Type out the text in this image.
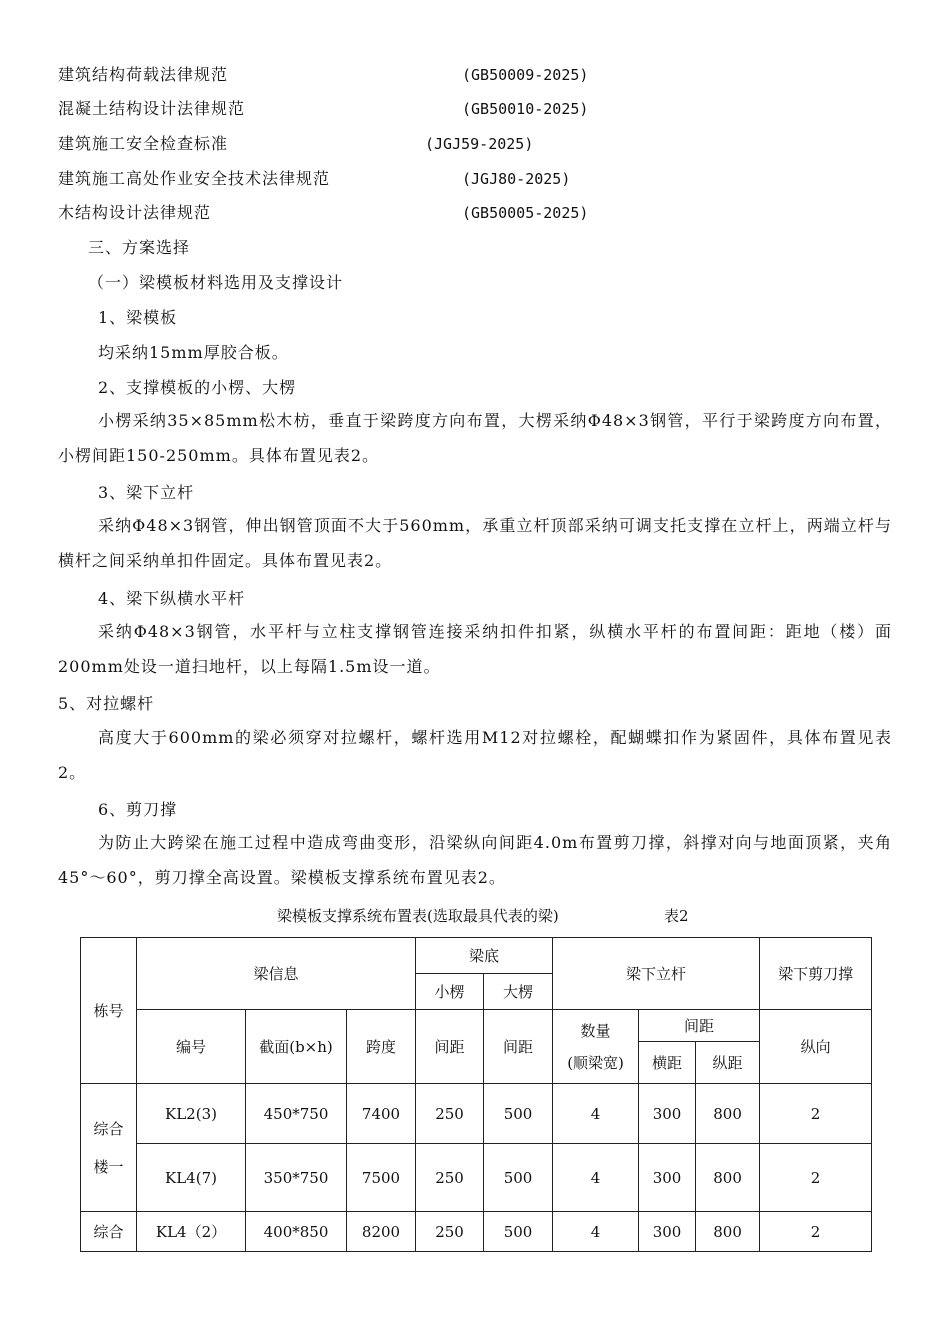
建筑结构荷载法律规范	(GB50009-2025)
混凝土结构设计法律规范	(GB50010-2025)
建筑施工安全检查标准	(JGJ59-2025)
建筑施工高处作业安全技术法律规范	(JGJ80-2025)
木结构设计法律规范	(GB50005-2025)
三、方案选择
（一）梁模板材料选用及支撑设计
1、梁模板
均采纳15mm厚胶合板。
2、支撑模板的小楞、大楞
小楞采纳35×85mm松木枋，垂直于梁跨度方向布置，大楞采纳Φ48×3钢管，平行于梁跨度方向布置，小楞间距150-250mm。具体布置见表2。
3、梁下立杆
采纳Φ48×3钢管，伸出钢管顶面不大于560mm，承重立杆顶部采纳可调支托支撑在立杆上，两端立杆与横杆之间采纳单扣件固定。具体布置见表2。
4、梁下纵横水平杆
采纳Φ48×3钢管，水平杆与立柱支撑钢管连接采纳扣件扣紧，纵横水平杆的布置间距：距地（楼）面200mm处设一道扫地杆，以上每隔1.5m设一道。
5、对拉螺杆
高度大于600mm的梁必须穿对拉螺杆，螺杆选用M12对拉螺栓，配蝴蝶扣作为紧固件，具体布置见表2。
6、剪刀撑
为防止大跨梁在施工过程中造成弯曲变形，沿梁纵向间距4.0m布置剪刀撑，斜撑对向与地面顶紧，夹角45°～60°，剪刀撑全高设置。梁模板支撑系统布置见表2。
梁模板支撑系统布置表(选取最具代表的梁)	表2
栋号	梁信息			梁底		梁下立杆			梁下剪刀撑
				小楞	大楞				
	编号	截面(b×h)	跨度	间距	间距	数量
(顺梁宽)	间距		纵向
							横距	纵距	

综合
楼一	KL2(3)	450*750	7400	250	500	4	300	800	2
	KL4(7)	350*750	7500	250	500	4	300	800	2
综合	KL4（2）	400*850	8200	250	500	4	300	800	2
